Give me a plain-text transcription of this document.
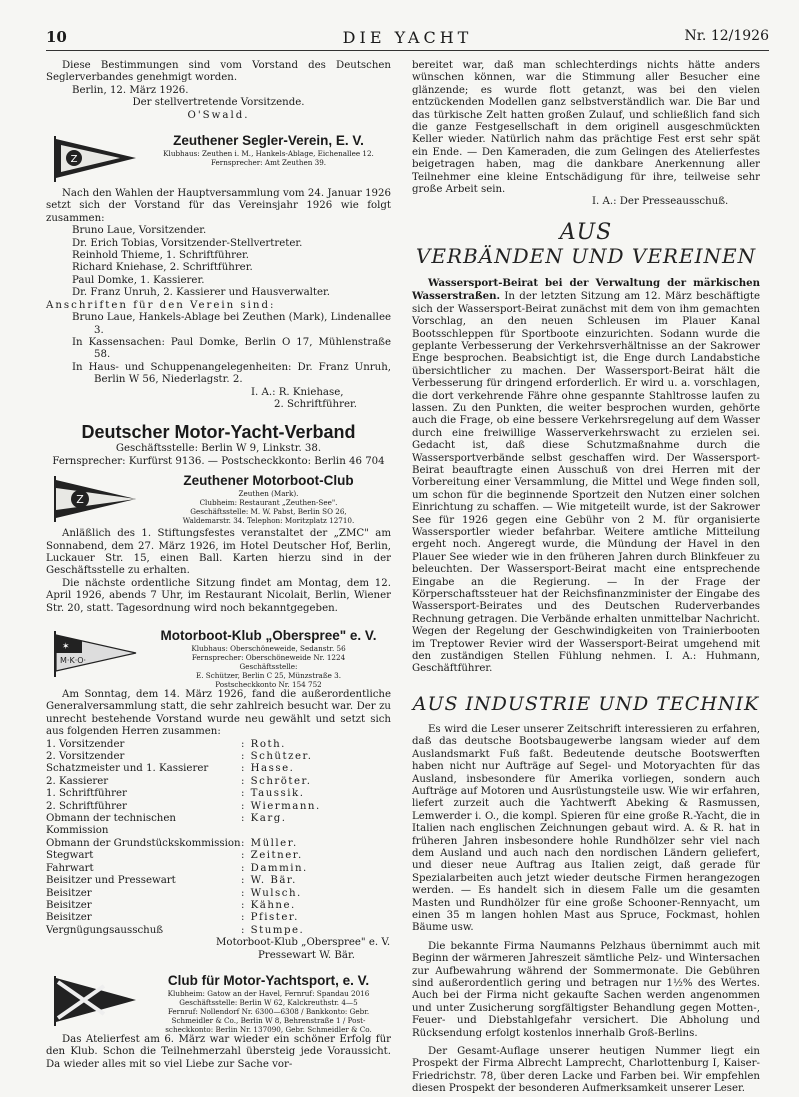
10	DIE YACHT	Nr. 12/1926

Diese Bestimmungen sind vom Vorstand des Deutschen Seglerverbandes genehmigt worden.

Berlin, 12. März 1926.

Der stellvertretende Vorsitzende.

O'Swald.

Z
Zeuthener Segler-Verein, E. V.
Klubhaus: Zeuthen i. M., Hankels-Ablage, Eichenallee 12.
Fernsprecher: Amt Zeuthen 39.

Nach den Wahlen der Hauptversammlung vom 24. Januar 1926 setzt sich der Vorstand für das Vereinsjahr 1926 wie folgt zusammen:

Bruno Laue, Vorsitzender.

Dr. Erich Tobias, Vorsitzender-Stellvertreter.

Reinhold Thieme, 1. Schriftführer.

Richard Kniehase, 2. Schriftführer.

Paul Domke, 1. Kassierer.

Dr. Franz Unruh, 2. Kassierer und Hausverwalter.

Anschriften für den Verein sind:

Bruno Laue, Hankels-Ablage bei Zeuthen (Mark), Lindenallee 3.

In Kassensachen: Paul Domke, Berlin O 17, Mühlenstraße 58.

In Haus- und Schuppenangelegenheiten: Dr. Franz Unruh, Berlin W 56, Niederlagstr. 2.

I. A.: R. Kniehase,

2. Schriftführer.

Deutscher Motor-Yacht-Verband

Geschäftsstelle: Berlin W 9, Linkstr. 38.

Fernsprecher: Kurfürst 9136. — Postscheckkonto: Berlin 46 704

Z
Zeuthener Motorboot-Club
Zeuthen (Mark).
Clubheim: Restaurant „Zeuthen-See".
Geschäftsstelle: M. W. Pabst, Berlin SO 26,
Waldemarstr. 34. Telephon: Moritzplatz 12710.

Anläßlich des 1. Stiftungsfestes veranstaltet der „ZMC" am Sonnabend, dem 27. März 1926, im Hotel Deutscher Hof, Berlin, Luckauer Str. 15, einen Ball. Karten hierzu sind in der Geschäftsstelle zu erhalten.

Die nächste ordentliche Sitzung findet am Montag, dem 12. April 1926, abends 7 Uhr, im Restaurant Nicolait, Berlin, Wiener Str. 20, statt. Tagesordnung wird noch bekanntgegeben.

✶
M·K·O·
Motorboot-Klub „Oberspree" e. V.
Klubhaus: Oberschöneweide, Sedanstr. 56
Fernsprecher: Oberschöneweide Nr. 1224
Geschäftsstelle:
E. Schützer, Berlin C 25, Münzstraße 3.
Postscheckkonto Nr. 154 752

Am Sonntag, dem 14. März 1926, fand die außerordentliche Generalversammlung statt, die sehr zahlreich besucht war. Der zu unrecht bestehende Vorstand wurde neu gewählt und setzt sich aus folgenden Herren zusammen:

1. Vorsitzender	: Roth.
2. Vorsitzender	: Schützer.
Schatzmeister und 1. Kassierer	: Hasse.
2. Kassierer	: Schröter.
1. Schriftführer	: Taussik.
2. Schriftführer	: Wiermann.
Obmann der technischen Kommission
: Karg.
Obmann der Grundstückskommission : Müller.
Stegwart	: Zeitner.
Fahrwart	: Dammin.
Beisitzer und Pressewart	: W. Bär.
Beisitzer	: Wulsch.
Beisitzer	: Kähne.
Beisitzer	: Pfister.
Vergnügungsausschuß	: Stumpe.

Motorboot-Klub „Oberspree" e. V.

Pressewart W. Bär.

Club für Motor-Yachtsport, e. V.
Klubheim: Gatow an der Havel, Fernruf: Spandau 2016
Geschäftsstelle: Berlin W 62, Kalckreuthstr. 4—5
Fernruf: Nollendorf Nr. 6300—6308 / Bankkonto: Gebr.
Schmeidler & Co., Berlin W 8, Behrenstraße 1 / Post-
scheckkonto: Berlin Nr. 137090, Gebr. Schmeidler & Co.

Das Atelierfest am 6. März war wieder ein schöner Erfolg für den Klub. Schon die Teilnehmerzahl übersteig jede Voraussicht. Da wieder alles mit so viel Liebe zur Sache vor-

bereitet war, daß man schlechterdings nichts hätte anders wünschen können, war die Stimmung aller Besucher eine glänzende; es wurde flott getanzt, was bei den vielen entzückenden Modellen ganz selbstverständlich war. Die Bar und das türkische Zelt hatten großen Zulauf, und schließlich fand sich die ganze Festgesellschaft in dem originell ausgeschmückten Keller wieder. Natürlich nahm das prächtige Fest erst sehr spät ein Ende. — Den Kameraden, die zum Gelingen des Atelierfestes beigetragen haben, mag die dankbare Anerkennung aller Teilnehmer eine kleine Entschädigung für ihre, teilweise sehr große Arbeit sein.

I. A.: Der Presseausschuß.

AUS
VERBÄNDEN UND VEREINEN

Wassersport-Beirat bei der Verwaltung der märkischen Wasserstraßen. In der letzten Sitzung am 12. März beschäftigte sich der Wassersport-Beirat zunächst mit dem von ihm gemachten Vorschlag, an den neuen Schleusen im Plauer Kanal Bootsschleppen für Sportboote einzurichten. Sodann wurde die geplante Verbesserung der Verkehrsverhältnisse an der Sakrower Enge besprochen. Beabsichtigt ist, die Enge durch Landabstiche übersichtlicher zu machen. Der Wassersport-Beirat hält die Verbesserung für dringend erforderlich. Er wird u. a. vorschlagen, die dort verkehrende Fähre ohne gespannte Stahltrosse laufen zu lassen. Zu den Punkten, die weiter besprochen wurden, gehörte auch die Frage, ob eine bessere Verkehrsregelung auf dem Wasser durch eine freiwillige Wasserverkehrswacht zu erzielen sei. Gedacht ist, daß diese Schutzmaßnahme durch die Wassersportverbände selbst geschaffen wird. Der Wassersport-Beirat beauftragte einen Ausschuß von drei Herren mit der Vorbereitung einer Versammlung, die Mittel und Wege finden soll, um schon für die beginnende Sportzeit den Nutzen einer solchen Einrichtung zu schaffen. — Wie mitgeteilt wurde, ist der Sakrower See für 1926 gegen eine Gebühr von 2 M. für organisierte Wassersportler wieder befahrbar. Weitere amtliche Mitteilung ergeht noch. Angeregt wurde, die Mündung der Havel in den Plauer See wieder wie in den früheren Jahren durch Blinkfeuer zu beleuchten. Der Wassersport-Beirat macht eine entsprechende Eingabe an die Regierung. — In der Frage der Körperschaftssteuer hat der Reichsfinanzminister der Eingabe des Wassersport-Beirates und des Deutschen Ruderverbandes Rechnung getragen. Die Verbände erhalten unmittelbar Nachricht. Wegen der Regelung der Geschwindigkeiten von Trainierbooten im Treptower Revier wird der Wassersport-Beirat umgehend mit den zuständigen Stellen Fühlung nehmen. I. A.: Huhmann, Geschäftführer.

AUS INDUSTRIE UND TECHNIK

Es wird die Leser unserer Zeitschrift interessieren zu erfahren, daß das deutsche Bootsbaugewerbe langsam wieder auf dem Auslandsmarkt Fuß faßt. Bedeutende deutsche Bootswerften haben nicht nur Aufträge auf Segel- und Motoryachten für das Ausland, insbesondere für Amerika vorliegen, sondern auch Aufträge auf Motoren und Ausrüstungsteile usw. Wie wir erfahren, liefert zurzeit auch die Yachtwerft Abeking & Rasmussen, Lemwerder i. O., die kompl. Spieren für eine große R.-Yacht, die in Italien nach englischen Zeichnungen gebaut wird. A. & R. hat in früheren Jahren insbesondere hohle Rundhölzer sehr viel nach dem Ausland und auch nach den nordischen Ländern geliefert, und dieser neue Auftrag aus Italien zeigt, daß gerade für Spezialarbeiten auch jetzt wieder deutsche Firmen herangezogen werden. — Es handelt sich in diesem Falle um die gesamten Masten und Rundhölzer für eine große Schooner-Rennyacht, um einen 35 m langen hohlen Mast aus Spruce, Fockmast, hohlen Bäume usw.

Die bekannte Firma Naumanns Pelzhaus übernimmt auch mit Beginn der wärmeren Jahreszeit sämtliche Pelz- und Wintersachen zur Aufbewahrung während der Sommermonate. Die Gebühren sind außerordentlich gering und betragen nur 1½% des Wertes. Auch bei der Firma nicht gekaufte Sachen werden angenommen und unter Zusicherung sorgfältigster Behandlung gegen Motten-, Feuer- und Diebstahlgefahr versichert. Die Abholung und Rücksendung erfolgt kostenlos innerhalb Groß-Berlins.

Der Gesamt-Auflage unserer heutigen Nummer liegt ein Prospekt der Firma Albrecht Lamprecht, Charlottenburg I, Kaiser-Friedrichstr. 78, über deren Lacke und Farben bei. Wir empfehlen diesen Prospekt der besonderen Aufmerksamkeit unserer Leser.
